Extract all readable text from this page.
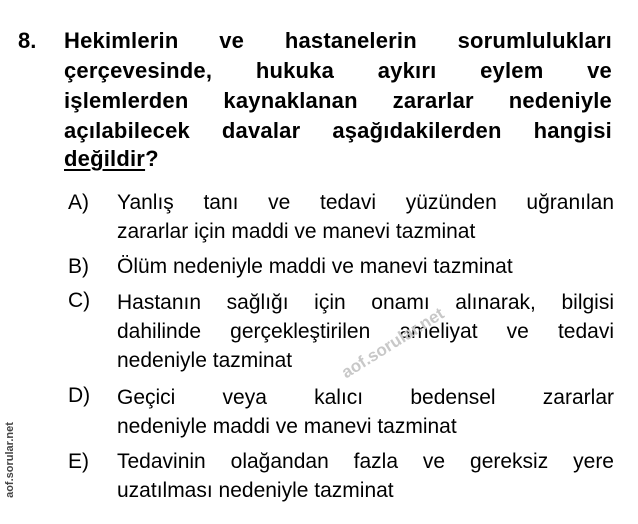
8. Hekimlerin ve hastanelerin sorumlulukları
çerçevesinde, hukuka aykırı eylem ve
işlemlerden kaynaklanan zararlar nedeniyle
açılabilecek davalar aşağıdakilerden hangisi
değildir?
A) Yanlış tanı ve tedavi yüzünden uğranılan
zararlar için maddi ve manevi tazminat
B) Ölüm nedeniyle maddi ve manevi tazminat
C) Hastanın sağlığı için onamı alınarak, bilgisi
dahilinde gerçekleştirilen ameliyat ve tedavi
nedeniyle tazminat
D) Geçici veya kalıcı bedensel zararlar
nedeniyle maddi ve manevi tazminat
E) Tedavinin olağandan fazla ve gereksiz yere
uzatılması nedeniyle tazminat
aof.sorular.net
aof.sorular.net
